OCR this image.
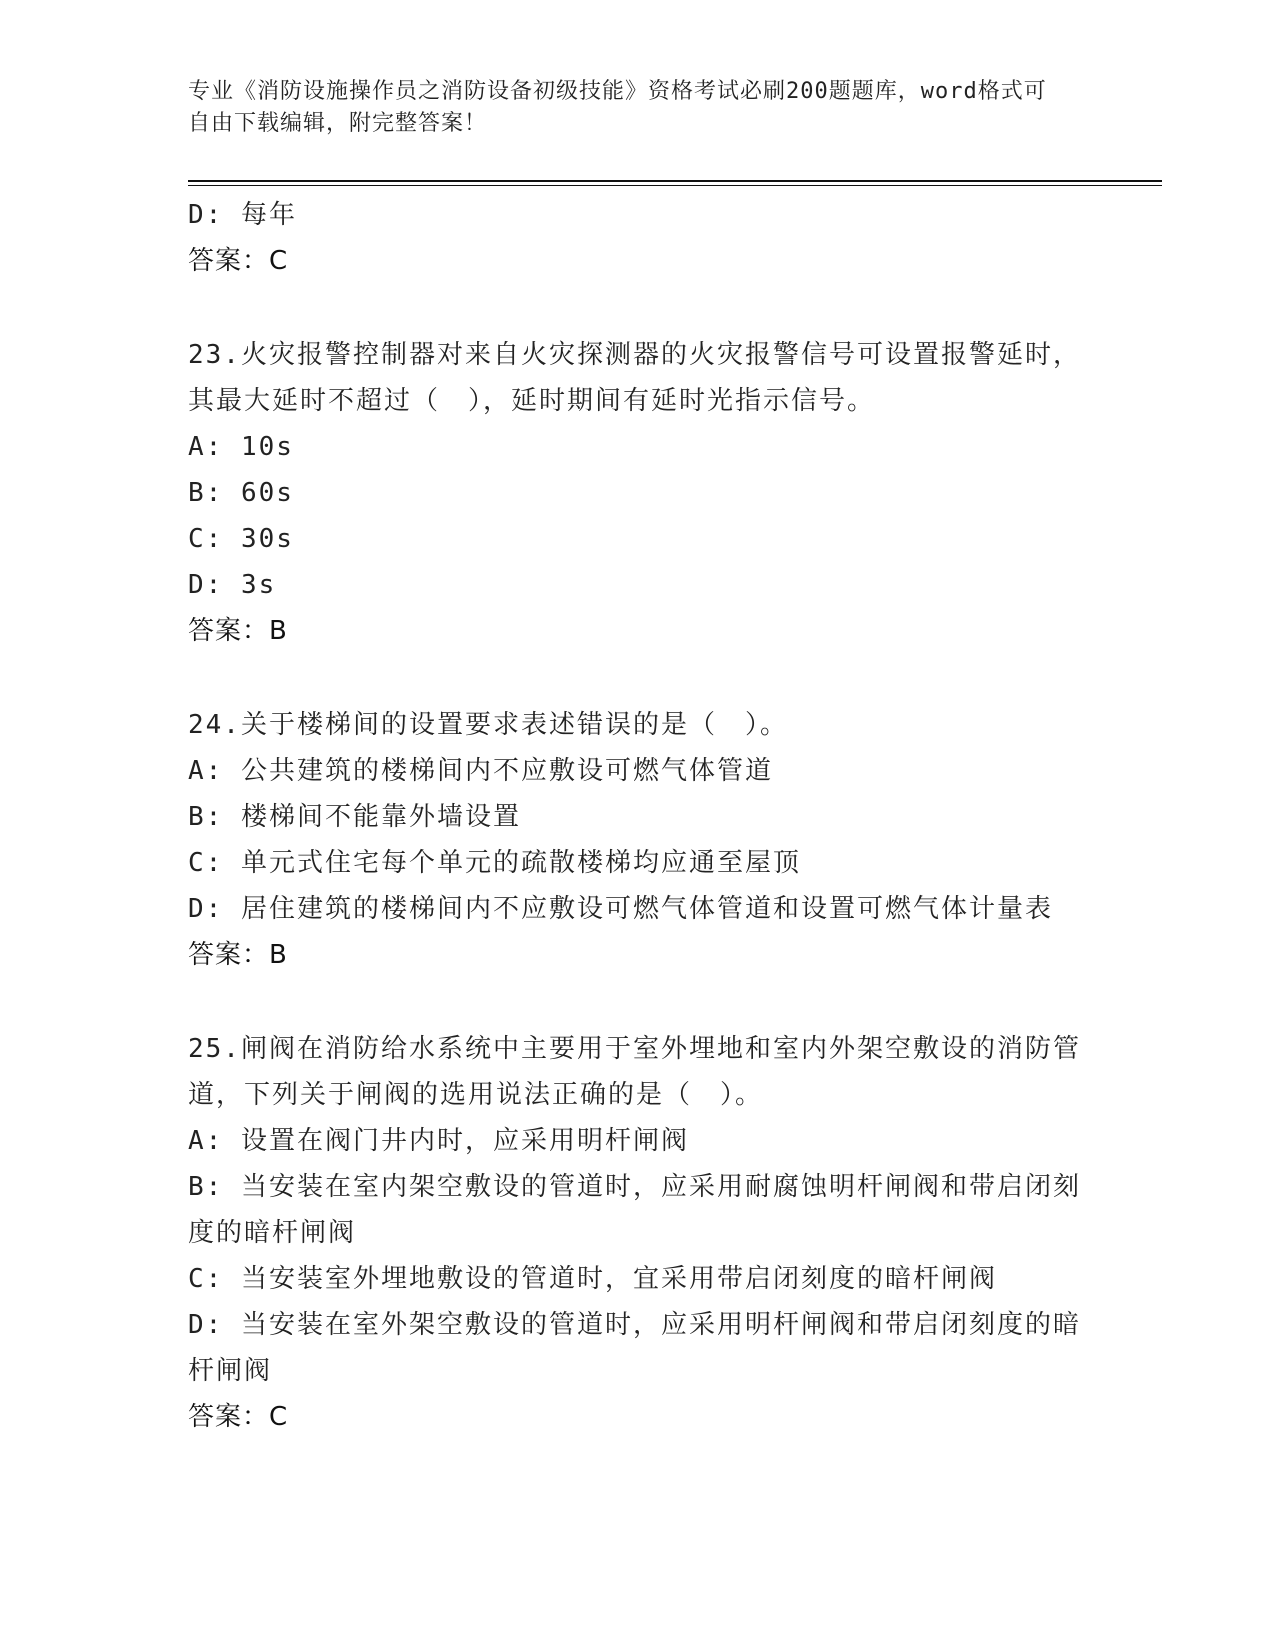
专业《消防设施操作员之消防设备初级技能》资格考试必刷200题题库，word格式可自由下载编辑，附完整答案！
D: 每年
答案：C
23.火灾报警控制器对来自火灾探测器的火灾报警信号可设置报警延时，其最大延时不超过（　），延时期间有延时光指示信号。
A: 10s
B: 60s
C: 30s
D: 3s
答案：B
24.关于楼梯间的设置要求表述错误的是（　）。
A: 公共建筑的楼梯间内不应敷设可燃气体管道
B: 楼梯间不能靠外墙设置
C: 单元式住宅每个单元的疏散楼梯均应通至屋顶
D: 居住建筑的楼梯间内不应敷设可燃气体管道和设置可燃气体计量表
答案：B
25.闸阀在消防给水系统中主要用于室外埋地和室内外架空敷设的消防管道，下列关于闸阀的选用说法正确的是（　）。
A: 设置在阀门井内时，应采用明杆闸阀
B: 当安装在室内架空敷设的管道时，应采用耐腐蚀明杆闸阀和带启闭刻度的暗杆闸阀
C: 当安装室外埋地敷设的管道时，宜采用带启闭刻度的暗杆闸阀
D: 当安装在室外架空敷设的管道时，应采用明杆闸阀和带启闭刻度的暗杆闸阀
答案：C
